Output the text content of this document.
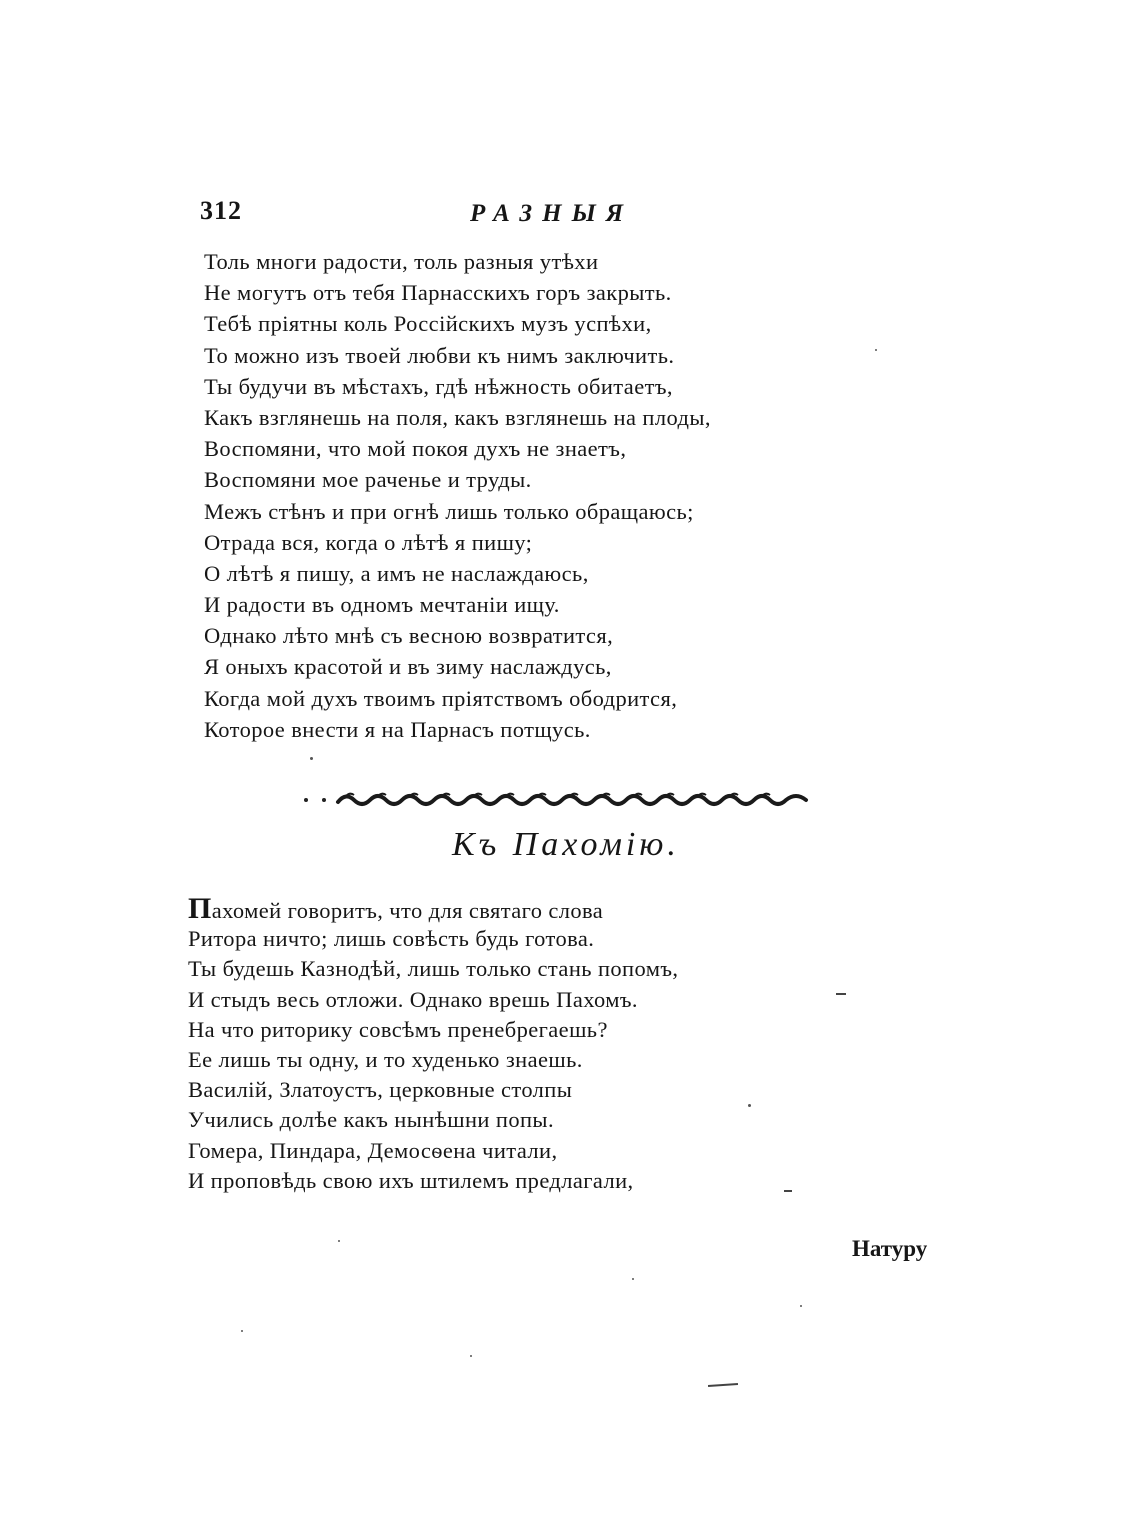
312	РАЗНЫЯ
Толь многи радости, толь разныя утѣхи
Не могутъ отъ тебя Парнасскихъ горъ закрыть.
Тебѣ пріятны коль Россійскихъ музъ успѣхи,
То можно изъ твоей любви къ нимъ заключить.
Ты будучи въ мѣстахъ, гдѣ нѣжность обитаетъ,
Какъ взглянешь на поля, какъ взглянешь на плоды,
Воспомяни, что мой покоя духъ не знаетъ,
Воспомяни мое раченье и труды.
Межъ стѣнъ и при огнѣ лишь только обращаюсь;
Отрада вся, когда о лѣтѣ я пишу;
О лѣтѣ я пишу, а имъ не наслаждаюсь,
И радости въ одномъ мечтаніи ищу.
Однако лѣто мнѣ съ весною возвратится,
Я оныхъ красотой и въ зиму наслаждусь,
Когда мой духъ твоимъ пріятствомъ ободрится,
Которое внести я на Парнасъ потщусь.
Къ Пахомію.
Пахомей говоритъ, что для святаго слова
Ритора ничто; лишь совѣсть будь готова.
Ты будешь Казнодѣй, лишь только стань попомъ,
И стыдъ весь отложи. Однако врешь Пахомъ.
На что риторику совсѣмъ пренебрегаешь?
Ее лишь ты одну, и то худенько знаешь.
Василій, Златоустъ, церковные столпы
Учились долѣе какъ нынѣшни попы.
Гомера, Пиндара, Демосѳена читали,
И проповѣдь свою ихъ штилемъ предлагали,
Натуру
